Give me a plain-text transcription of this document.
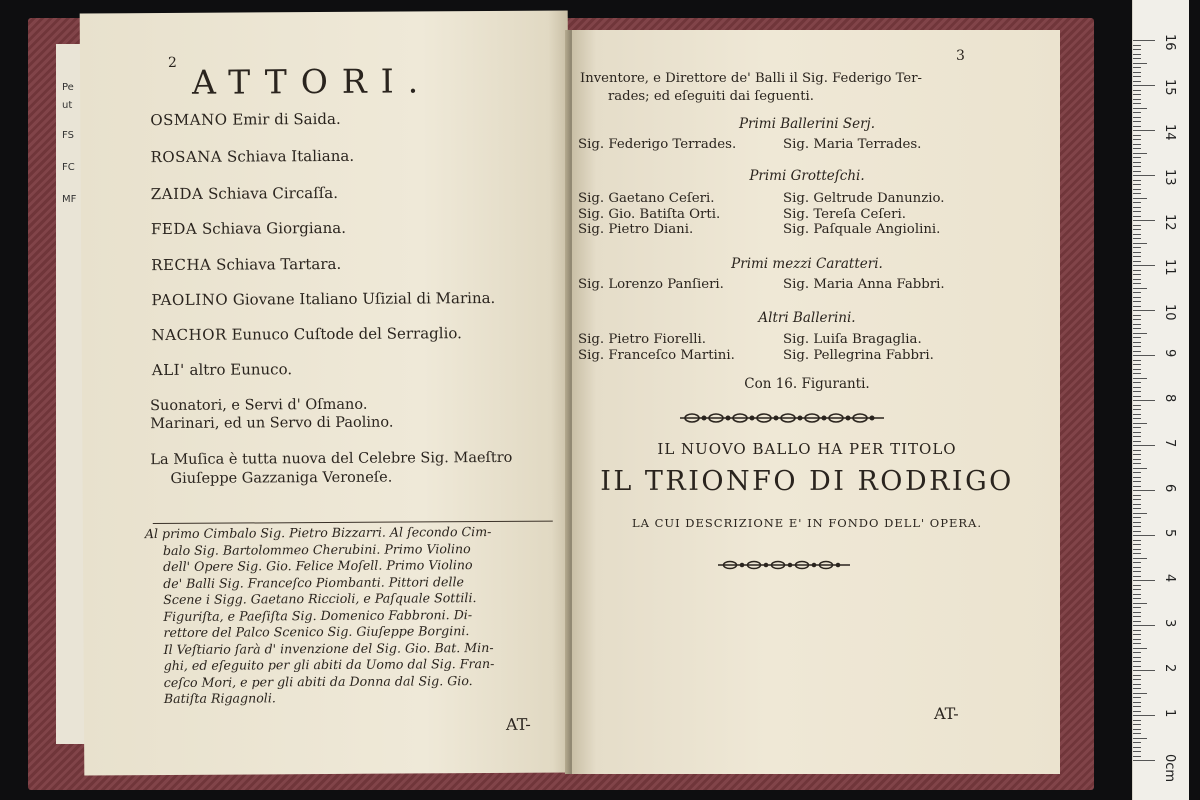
Pe
ut
FS
FC
MF
2 ATTORI.
OSMANO Emir di Saida.
ROSANA Schiava Italiana.
ZAIDA Schiava Circaſſa.
FEDA Schiava Giorgiana.
RECHA Schiava Tartara.
PAOLINO Giovane Italiano Uſizial di Marina.
NACHOR Eunuco Cuſtode del Serraglio.
ALI' altro Eunuco.
Suonatori, e Servi d' Oſmano.
Marinari, ed un Servo di Paolino.
La Muſica è tutta nuova del Celebre Sig. Maeſtro
Giuſeppe Gazzaniga Veroneſe.
Al primo Cimbalo Sig. Pietro Bizzarri. Al ſecondo Cim-
balo Sig. Bartolommeo Cherubini. Primo Violino
dell' Opere Sig. Gio. Felice Moſell. Primo Violino
de' Balli Sig. Franceſco Piombanti. Pittori delle
Scene i Sigg. Gaetano Riccioli, e Paſquale Sottili.
Figuriſta, e Paeſiſta Sig. Domenico Fabbroni. Di-
rettore del Palco Scenico Sig. Giuſeppe Borgini.
Il Veſtiario ſarà d' invenzione del Sig. Gio. Bat. Min-
ghi, ed eſeguito per gli abiti da Uomo dal Sig. Fran-
ceſco Mori, e per gli abiti da Donna dal Sig. Gio.
Batiſta Rigagnoli.
AT-
3
Inventore, e Direttore de' Balli il Sig. Federigo Ter-
rades; ed eſeguiti dai ſeguenti.
Primi Ballerini Serj.
Sig. Federigo Terrades.	Sig. Maria Terrades.
Primi Grotteſchi.
Sig. Gaetano Ceſeri.
Sig. Gio. Batiſta Orti.
Sig. Pietro Diani.
Sig. Geltrude Danunzio.
Sig. Tereſa Ceſeri.
Sig. Paſquale Angiolini.
Primi mezzi Caratteri.
Sig. Lorenzo Panſieri.	Sig. Maria Anna Fabbri.
Altri Ballerini.
Sig. Pietro Fiorelli.
Sig. Franceſco Martini.
Sig. Luiſa Bragaglia.
Sig. Pellegrina Fabbri.
Con 16. Figuranti.
IL NUOVO BALLO HA PER TITOLO
IL TRIONFO DI RODRIGO
LA CUI DESCRIZIONE E' IN FONDO DELL' OPERA.
AT-
16
15
14
13
12
11
10
9
8
7
6
5
4
3
2
1
0cm
